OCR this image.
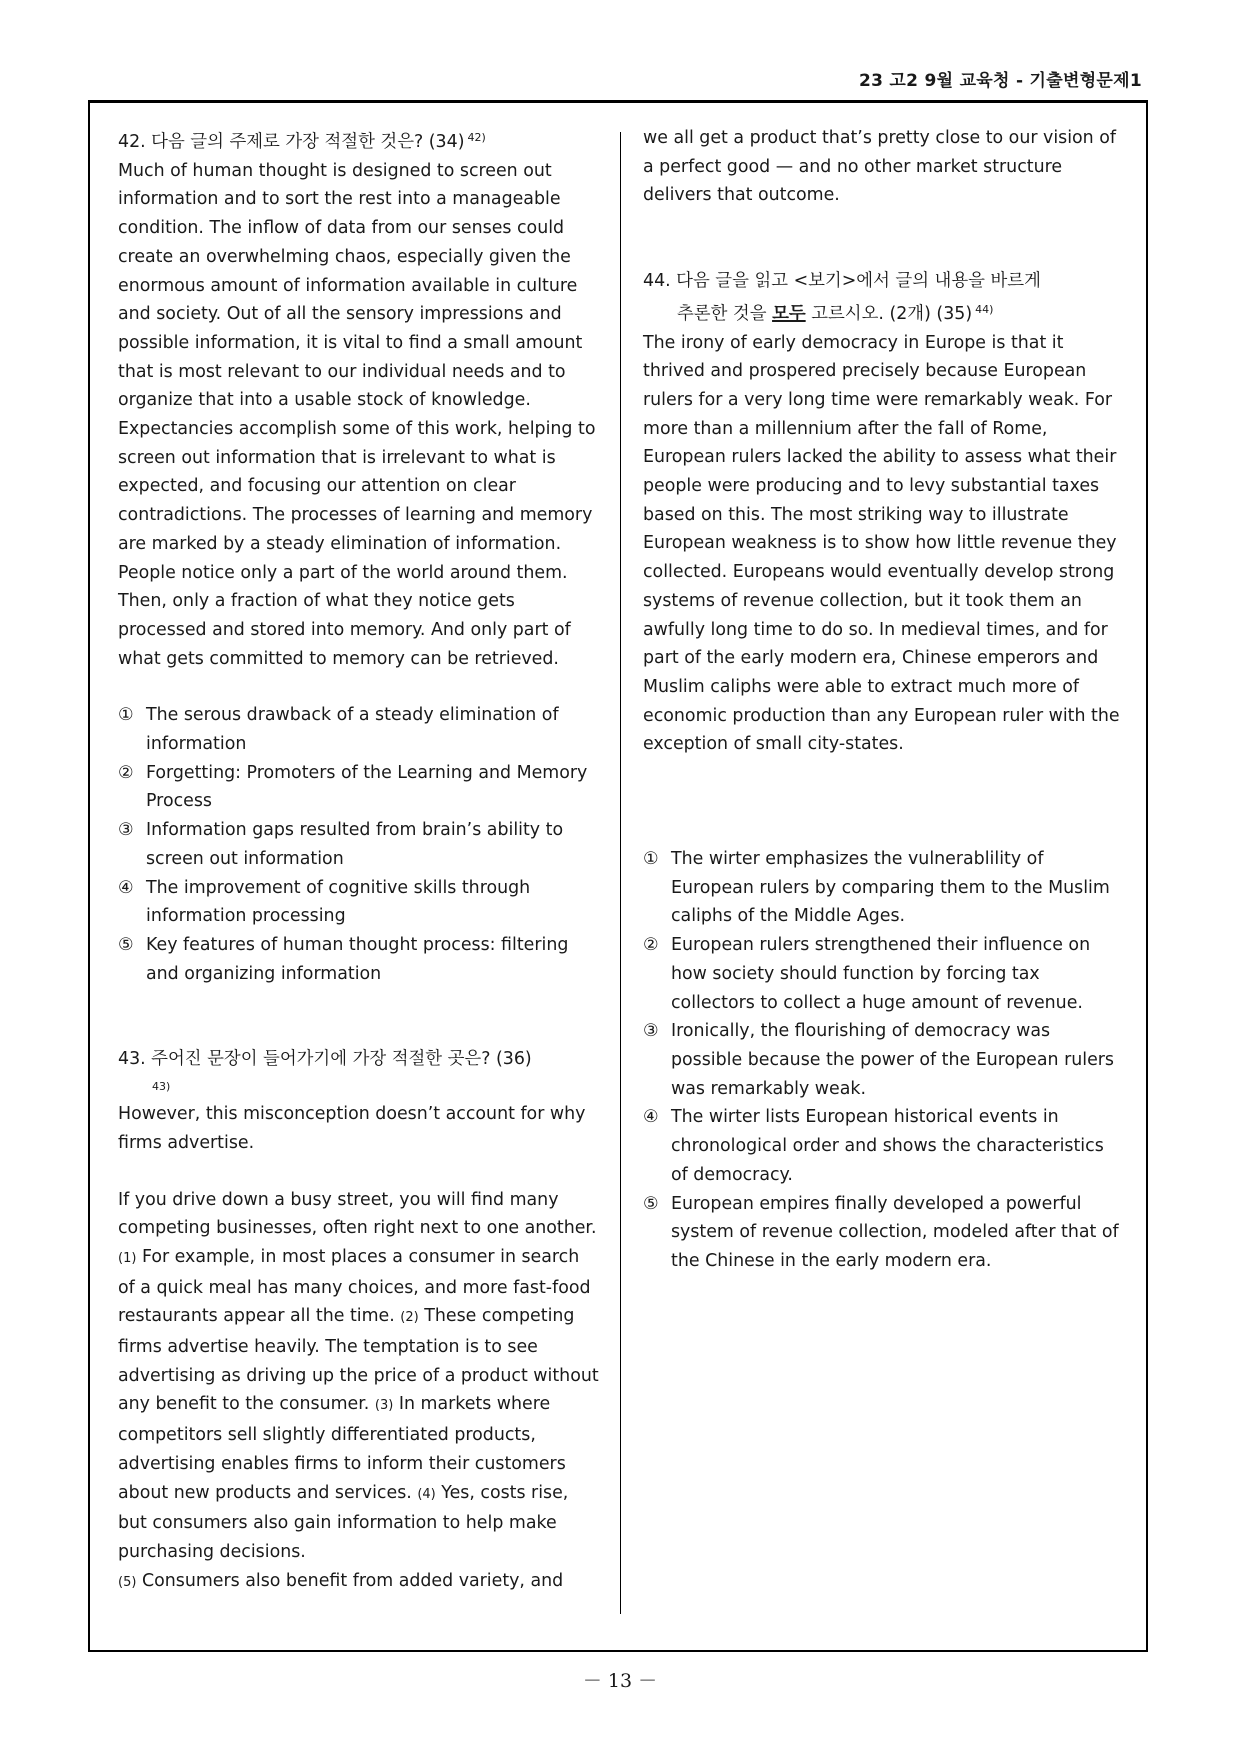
23 고2 9월 교육청 - 기출변형문제1
42. 다음 글의 주제로 가장 적절한 것은? (34) $^{42)}$

Much of human thought is designed to screen out information and to sort the rest into a manageable condition. The inflow of data from our senses could create an overwhelming chaos, especially given the enormous amount of information available in culture and society. Out of all the sensory impressions and possible information, it is vital to find a small amount that is most relevant to our individual needs and to organize that into a usable stock of knowledge. Expectancies accomplish some of this work, helping to screen out information that is irrelevant to what is expected, and focusing our attention on clear contradictions. The processes of learning and memory are marked by a steady elimination of information. People notice only a part of the world around them. Then, only a fraction of what they notice gets processed and stored into memory. And only part of what gets committed to memory can be retrieved.

① The serous drawback of a steady elimination of information
② Forgetting: Promoters of the Learning and Memory Process
③ Information gaps resulted from brain’s ability to screen out information
④ The improvement of cognitive skills through information processing
⑤ Key features of human thought process: filtering and organizing information
43. 주어진 문장이 들어가기에 가장 적절한 곳은? (36)
43)

However, this misconception doesn’t account for why firms advertise.

If you drive down a busy street, you will find many competing businesses, often right next to one another. (1) For example, in most places a consumer in search of a quick meal has many choices, and more fast-food restaurants appear all the time. (2) These competing firms advertise heavily. The temptation is to see advertising as driving up the price of a product without any benefit to the consumer. (3) In markets where competitors sell slightly differentiated products, advertising enables firms to inform their customers about new products and services. (4) Yes, costs rise, but consumers also gain information to help make purchasing decisions.
(5) Consumers also benefit from added variety, and

we all get a product that’s pretty close to our vision of a perfect good — and no other market structure delivers that outcome.

44. 다음 글을 읽고 <보기>에서 글의 내용을 바르게
추론한 것을 모두 고르시오. (2개) (35) $^{44)}$

The irony of early democracy in Europe is that it thrived and prospered precisely because European rulers for a very long time were remarkably weak. For more than a millennium after the fall of Rome, European rulers lacked the ability to assess what their people were producing and to levy substantial taxes based on this. The most striking way to illustrate European weakness is to show how little revenue they collected. Europeans would eventually develop strong systems of revenue collection, but it took them an awfully long time to do so. In medieval times, and for part of the early modern era, Chinese emperors and Muslim caliphs were able to extract much more of economic production than any European ruler with the exception of small city-states.

① The wirter emphasizes the vulnerablility of European rulers by comparing them to the Muslim caliphs of the Middle Ages.
② European rulers strengthened their influence on how society should function by forcing tax collectors to collect a huge amount of revenue.
③ Ironically, the flourishing of democracy was possible because the power of the European rulers was remarkably weak.
④ The wirter lists European historical events in chronological order and shows the characteristics of democracy.
⑤ European empires finally developed a powerful system of revenue collection, modeled after that of the Chinese in the early modern era.
－ 13 －
